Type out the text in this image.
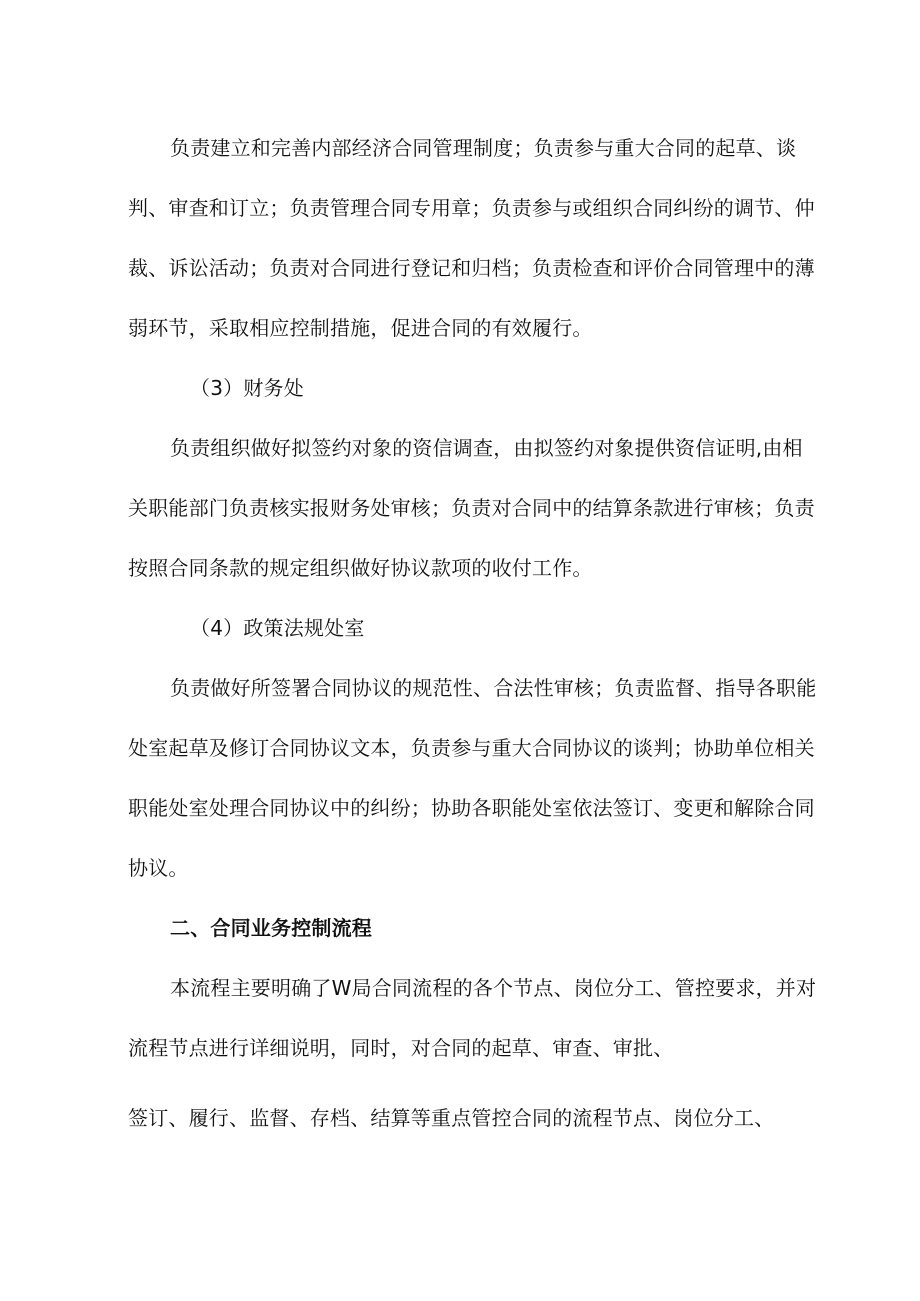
负责建立和完善内部经济合同管理制度；负责参与重大合同的起草、谈
判、审查和订立；负责管理合同专用章；负责参与或组织合同纠纷的调节、仲
裁、诉讼活动；负责对合同进行登记和归档；负责检查和评价合同管理中的薄
弱环节，采取相应控制措施，促进合同的有效履行。
（3）财务处
负责组织做好拟签约对象的资信调查，由拟签约对象提供资信证明,由相
关职能部门负责核实报财务处审核；负责对合同中的结算条款进行审核；负责
按照合同条款的规定组织做好协议款项的收付工作。
（4）政策法规处室
负责做好所签署合同协议的规范性、合法性审核；负责监督、指导各职能
处室起草及修订合同协议文本，负责参与重大合同协议的谈判；协助单位相关
职能处室处理合同协议中的纠纷；协助各职能处室依法签订、变更和解除合同
协议。
二、合同业务控制流程
本流程主要明确了W局合同流程的各个节点、岗位分工、管控要求，并对
流程节点进行详细说明，同时，对合同的起草、审查、审批、
签订、履行、监督、存档、结算等重点管控合同的流程节点、岗位分工、
